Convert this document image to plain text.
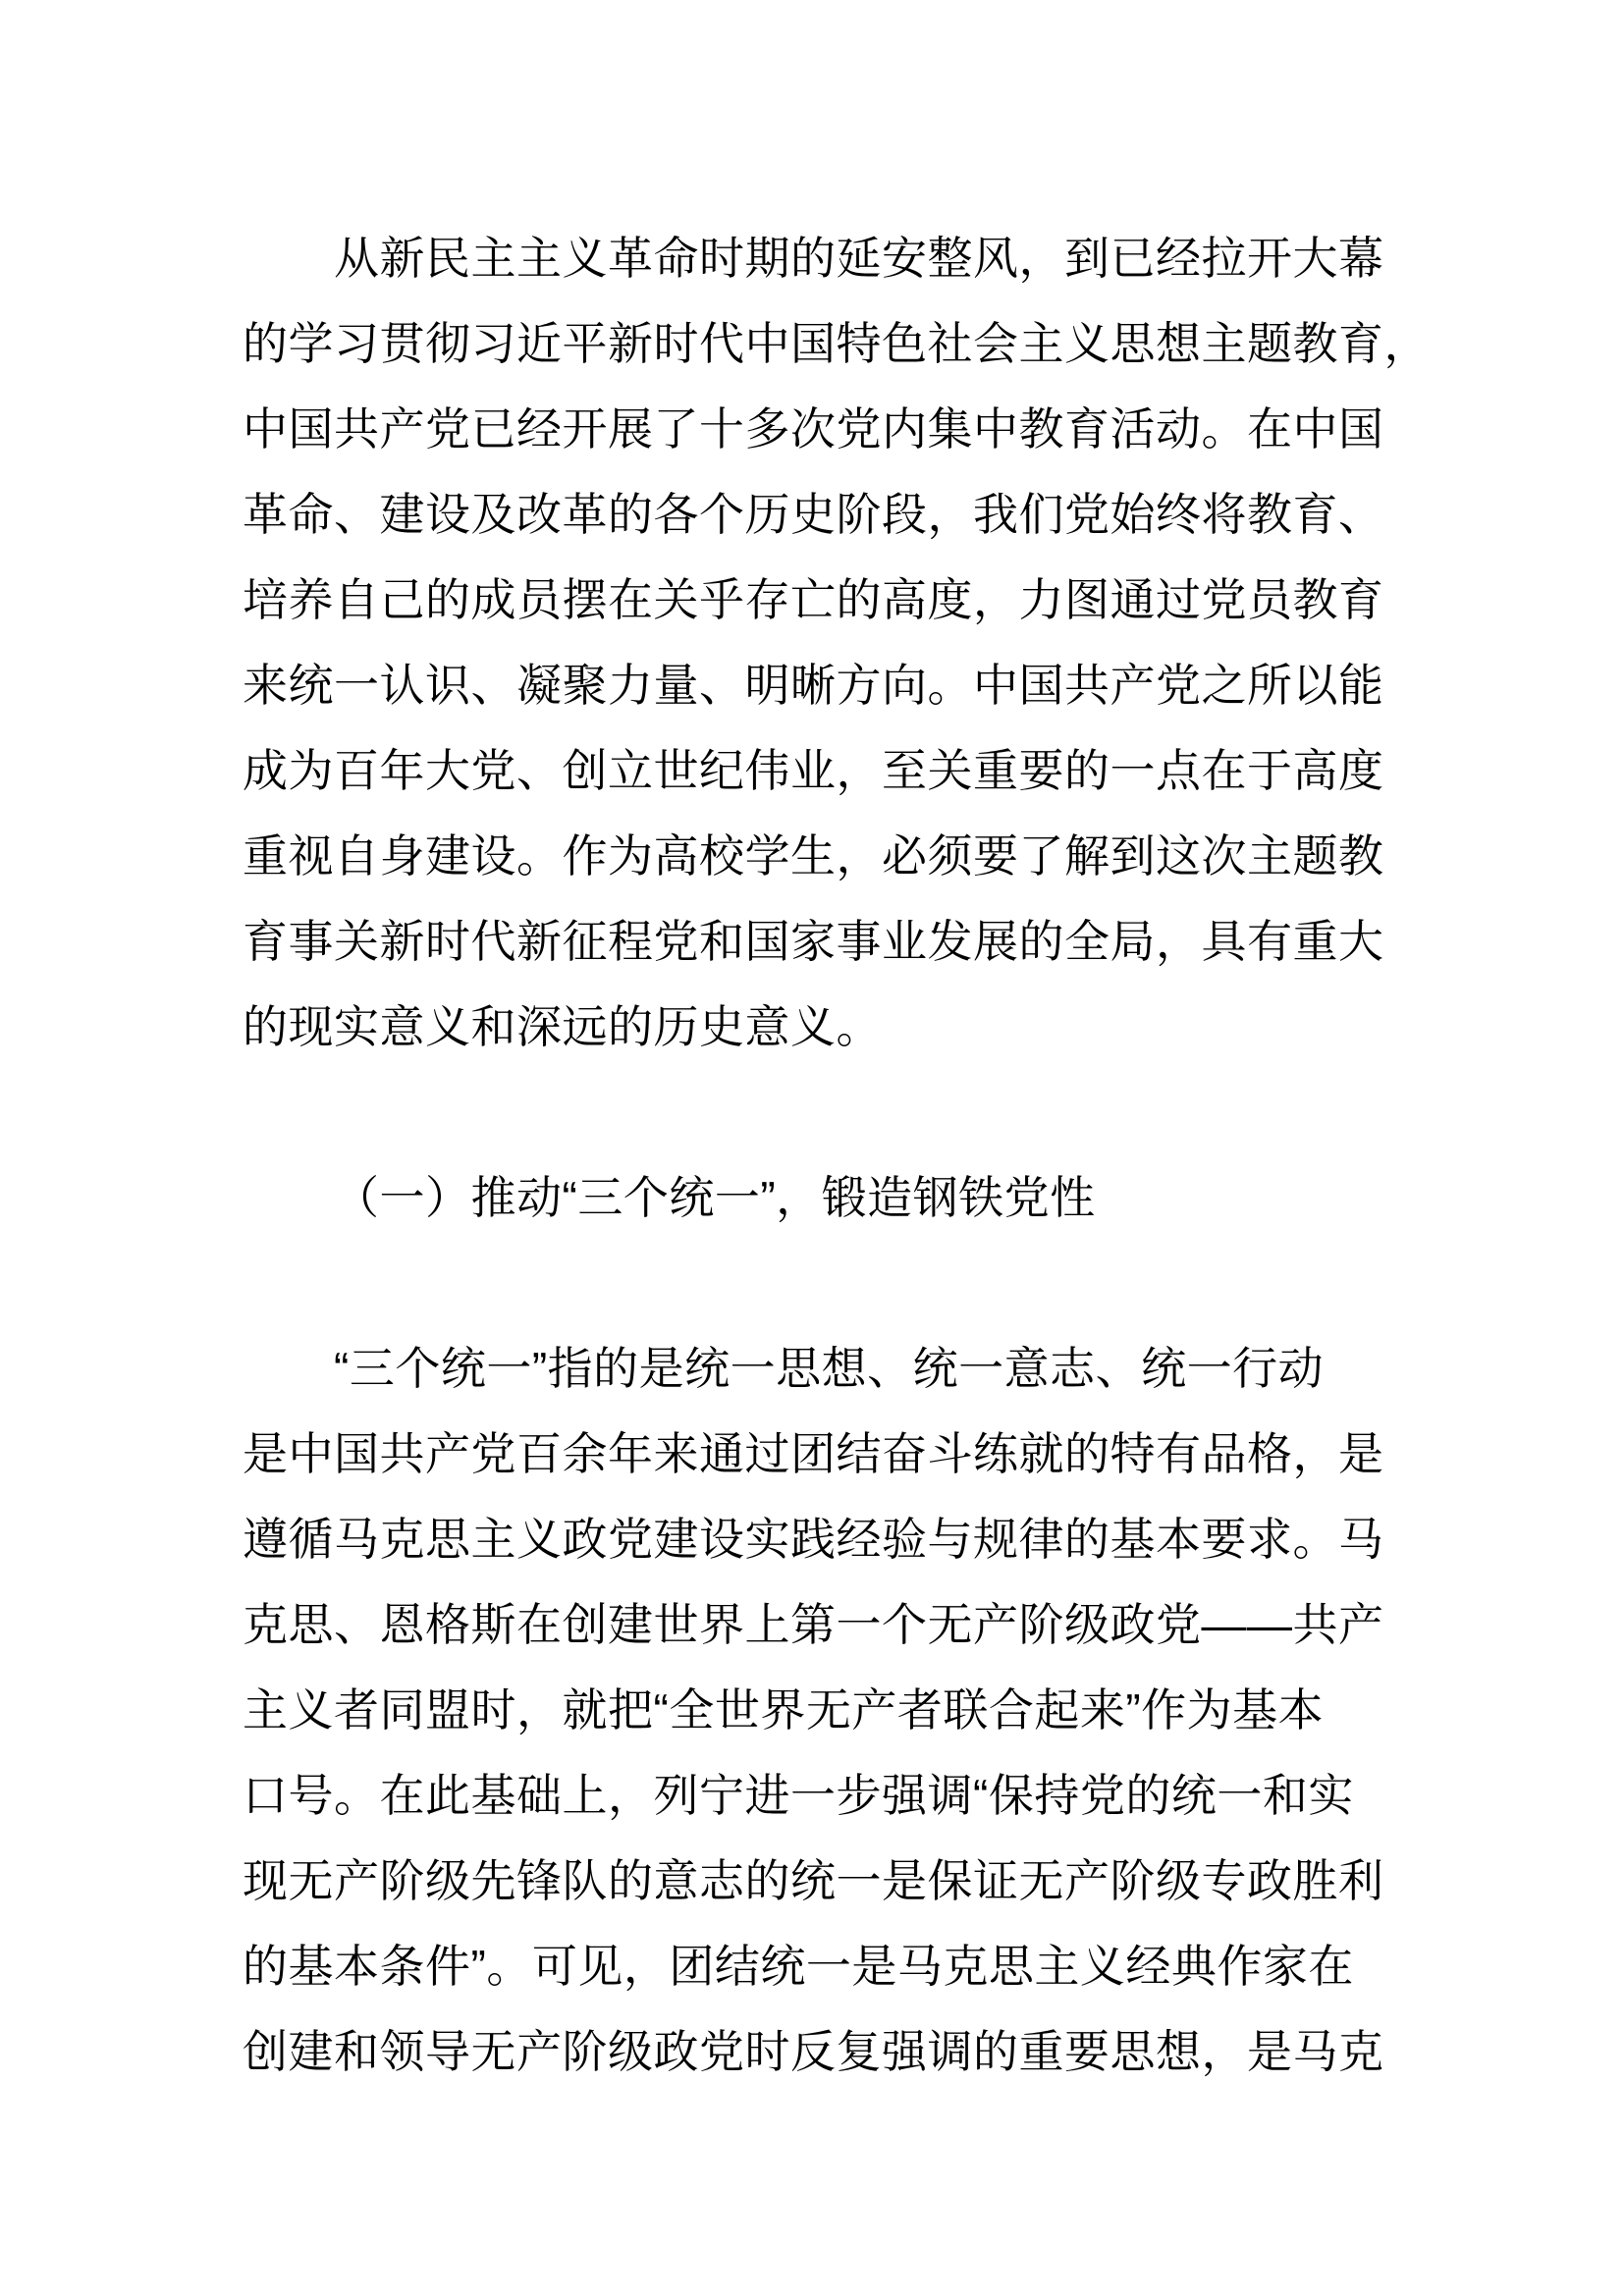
从新民主主义革命时期的延安整风，到已经拉开大幕
的学习贯彻习近平新时代中国特色社会主义思想主题教育，
中国共产党已经开展了十多次党内集中教育活动。在中国
革命、建设及改革的各个历史阶段，我们党始终将教育、
培养自己的成员摆在关乎存亡的高度，力图通过党员教育
来统一认识、凝聚力量、明晰方向。中国共产党之所以能
成为百年大党、创立世纪伟业，至关重要的一点在于高度
重视自身建设。作为高校学生，必须要了解到这次主题教
育事关新时代新征程党和国家事业发展的全局，具有重大
的现实意义和深远的历史意义。
（一）推动“三个统一”，锻造钢铁党性
“三个统一”指的是统一思想、统一意志、统一行动
是中国共产党百余年来通过团结奋斗练就的特有品格，是
遵循马克思主义政党建设实践经验与规律的基本要求。马
克思、恩格斯在创建世界上第一个无产阶级政党——共产
主义者同盟时，就把“全世界无产者联合起来”作为基本
口号。在此基础上，列宁进一步强调“保持党的统一和实
现无产阶级先锋队的意志的统一是保证无产阶级专政胜利
的基本条件”。可见，团结统一是马克思主义经典作家在
创建和领导无产阶级政党时反复强调的重要思想，是马克
